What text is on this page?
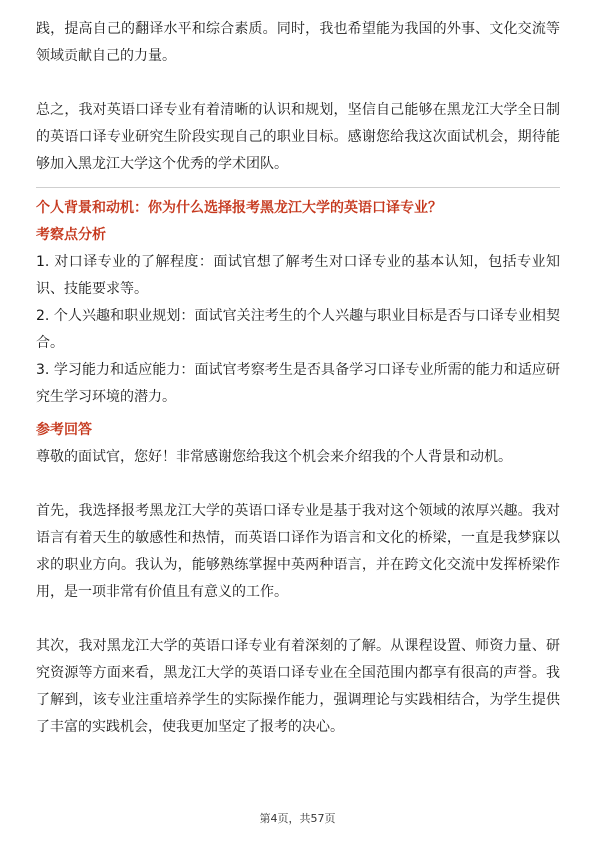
践，提高自己的翻译水平和综合素质。同时，我也希望能为我国的外事、文化交流等领域贡献自己的力量。

总之，我对英语口译专业有着清晰的认识和规划，坚信自己能够在黑龙江大学全日制的英语口译专业研究生阶段实现自己的职业目标。感谢您给我这次面试机会，期待能够加入黑龙江大学这个优秀的学术团队。

个人背景和动机：你为什么选择报考黑龙江大学的英语口译专业？

考察点分析

1. 对口译专业的了解程度：面试官想了解考生对口译专业的基本认知，包括专业知识、技能要求等。

2. 个人兴趣和职业规划：面试官关注考生的个人兴趣与职业目标是否与口译专业相契合。

3. 学习能力和适应能力：面试官考察考生是否具备学习口译专业所需的能力和适应研究生学习环境的潜力。

参考回答

尊敬的面试官，您好！非常感谢您给我这个机会来介绍我的个人背景和动机。

首先，我选择报考黑龙江大学的英语口译专业是基于我对这个领域的浓厚兴趣。我对语言有着天生的敏感性和热情，而英语口译作为语言和文化的桥梁，一直是我梦寐以求的职业方向。我认为，能够熟练掌握中英两种语言，并在跨文化交流中发挥桥梁作用，是一项非常有价值且有意义的工作。

其次，我对黑龙江大学的英语口译专业有着深刻的了解。从课程设置、师资力量、研究资源等方面来看，黑龙江大学的英语口译专业在全国范围内都享有很高的声誉。我了解到，该专业注重培养学生的实际操作能力，强调理论与实践相结合，为学生提供了丰富的实践机会，使我更加坚定了报考的决心。

第4页，共57页
